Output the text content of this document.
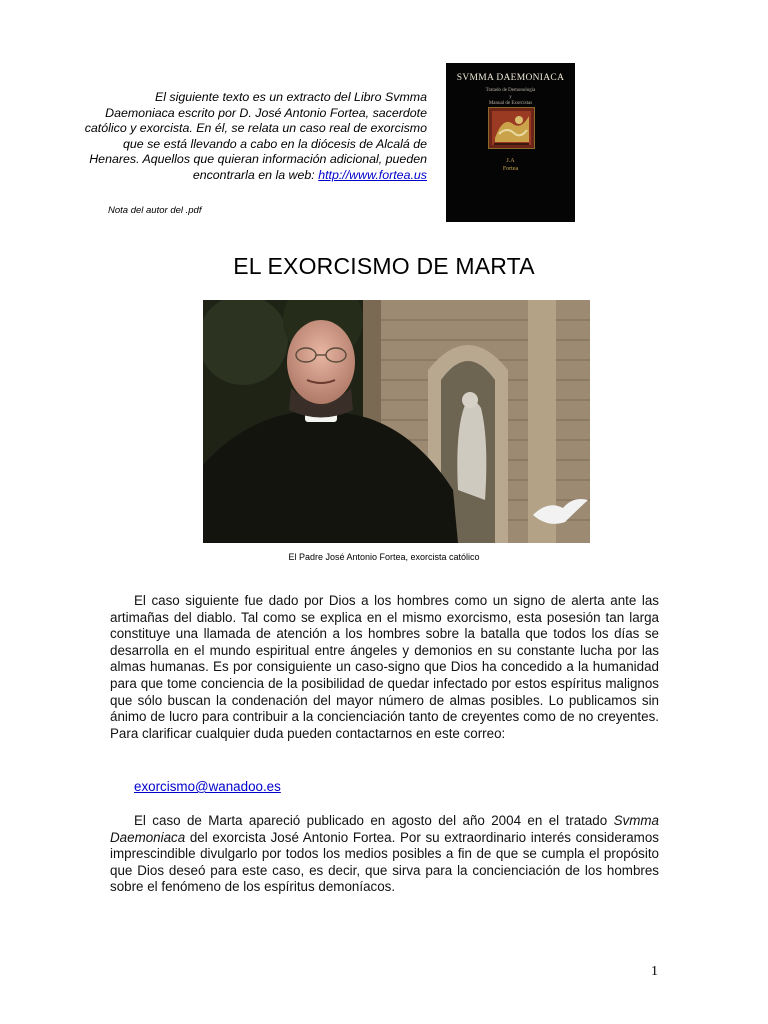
El siguiente texto es un extracto del Libro Svmma Daemoniaca escrito por D. José Antonio Fortea, sacerdote católico y exorcista. En él, se relata un caso real de exorcismo que se está llevando a cabo en la diócesis de Alcalá de Henares. Aquellos que quieran información adicional, pueden encontrarla en la web: http://www.fortea.us
Nota del autor del .pdf
SVMMA DAEMONIACA
Tratado de Demonología
y
Manual de Exorcistas
J.A
Fortea
EL EXORCISMO DE MARTA
El Padre José Antonio Fortea, exorcista católico
El caso siguiente fue dado por Dios a los hombres como un signo de alerta ante las artimañas del diablo. Tal como se explica en el mismo exorcismo, esta posesión tan larga constituye una llamada de atención a los hombres sobre la batalla que todos los días se desarrolla en el mundo espiritual entre ángeles y demonios en su constante lucha por las almas humanas. Es por consiguiente un caso-signo que Dios ha concedido a la humanidad para que tome conciencia de la posibilidad de quedar infectado por estos espíritus malignos que sólo buscan la condenación del mayor número de almas posibles. Lo publicamos sin ánimo de lucro para contribuir a la concienciación tanto de creyentes como de no creyentes. Para clarificar cualquier duda pueden contactarnos en este correo:
exorcismo@wanadoo.es
El caso de Marta apareció publicado en agosto del año 2004 en el tratado Svmma Daemoniaca del exorcista José Antonio Fortea. Por su extraordinario interés consideramos imprescindible divulgarlo por todos los medios posibles a fin de que se cumpla el propósito que Dios deseó para este caso, es decir, que sirva para la concienciación de los hombres sobre el fenómeno de los espíritus demoníacos.
1
